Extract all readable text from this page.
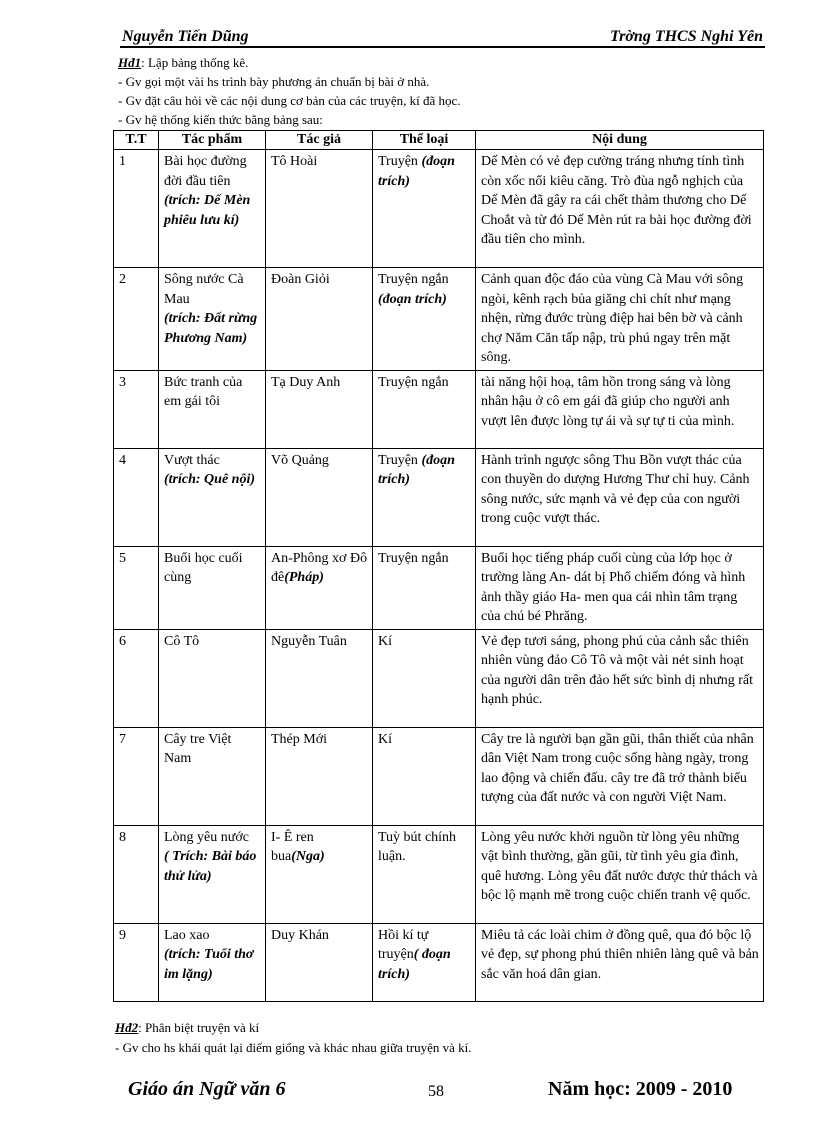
Nguyễn Tiến Dũng	Trờng THCS Nghi Yên
Hđ1: Lập bảng thống kê.
- Gv gọi một vài hs trình bày phương án chuẩn bị bài ở nhà.
- Gv đặt câu hỏi về các nội dung cơ bản của các truyện, kí đã học.
- Gv hệ thống kiến thức bằng bảng sau:
T.T	Tác phẩm	Tác giả	Thể loại	Nội dung
1	Bài học đường đời đầu tiên
(trích: Dế Mèn phiêu lưu kí)	Tô Hoài	Truyện (đoạn trích)	Dế Mèn có vẻ đẹp cường tráng nhưng tính tình còn xốc nổi kiêu căng. Trò đùa ngỗ nghịch của Dế Mèn đã gây ra cái chết thảm thương cho Dế Choắt và từ đó Dế Mèn rút ra bài học đường đời đầu tiên cho mình.
2	Sông nước Cà Mau
(trích: Đất rừng Phương Nam)	Đoàn Giỏi	Truyện ngắn (đoạn trích)	Cảnh quan độc đáo của vùng Cà Mau với sông ngòi, kênh rạch bủa giăng chi chít như mạng nhện, rừng đước trùng điệp hai bên bờ và cảnh chợ Năm Căn tấp nập, trù phú ngay trên mặt sông.
3	Bức tranh của em gái tôi	Tạ Duy Anh	Truyện ngắn	tài năng hội hoạ, tâm hồn trong sáng và lòng nhân hậu ở cô em gái đã giúp cho người anh vượt lên được lòng tự ái và sự tự ti của mình.
4	Vượt thác
(trích: Quê nội)	Võ Quảng	Truyện (đoạn trích)	Hành trình ngược sông Thu Bồn vượt thác của con thuyền do dượng Hương Thư chỉ huy. Cảnh sông nước, sức mạnh và vẻ đẹp của con người trong cuộc vượt thác.
5	Buổi học cuối cùng	An-Phông xơ Đô đê(Pháp)	Truyện ngắn	Buổi học tiếng pháp cuối cùng của lớp học ở trường làng An- dát bị Phổ chiếm đóng và hình ảnh thầy giáo Ha- men qua cái nhìn tâm trạng của chú bé Phrăng.
6	Cô Tô	Nguyễn Tuân	Kí	Vẻ đẹp tươi sáng, phong phú của cảnh sắc thiên nhiên vùng đảo Cô Tô và một vài nét sinh hoạt của người dân trên đảo hết sức bình dị nhưng rất hạnh phúc.
7	Cây tre Việt Nam	Thép Mới	Kí	Cây tre là người bạn gần gũi, thân thiết của nhân dân Việt Nam trong cuộc sống hàng ngày, trong lao động và chiến đấu. cây tre đã trở thành biểu tượng của đất nước và con người Việt Nam.
8	Lòng yêu nước
( Trích: Bài báo thử lửa)	I- Ê ren bua(Nga)	Tuỳ bút chính luận.	Lòng yêu nước khởi nguồn từ lòng yêu những vật bình thường, gần gũi, từ tình yêu gia đình, quê hương. Lòng yêu đất nước được thử thách và bộc lộ mạnh mẽ trong cuộc chiến tranh vệ quốc.
9	Lao xao
(trích: Tuổi thơ im lặng)	Duy Khán	Hồi kí tự truyện( đoạn trích)	Miêu tả các loài chim ở đồng quê, qua đó bộc lộ vẻ đẹp, sự phong phú thiên nhiên làng quê và bản sắc văn hoá dân gian.
Hđ2: Phân biệt truyện và kí
- Gv cho hs khái quát lại điểm giống và khác nhau giữa truyện và kí.
Giáo án Ngữ văn 6	58	Năm học: 2009 - 2010
